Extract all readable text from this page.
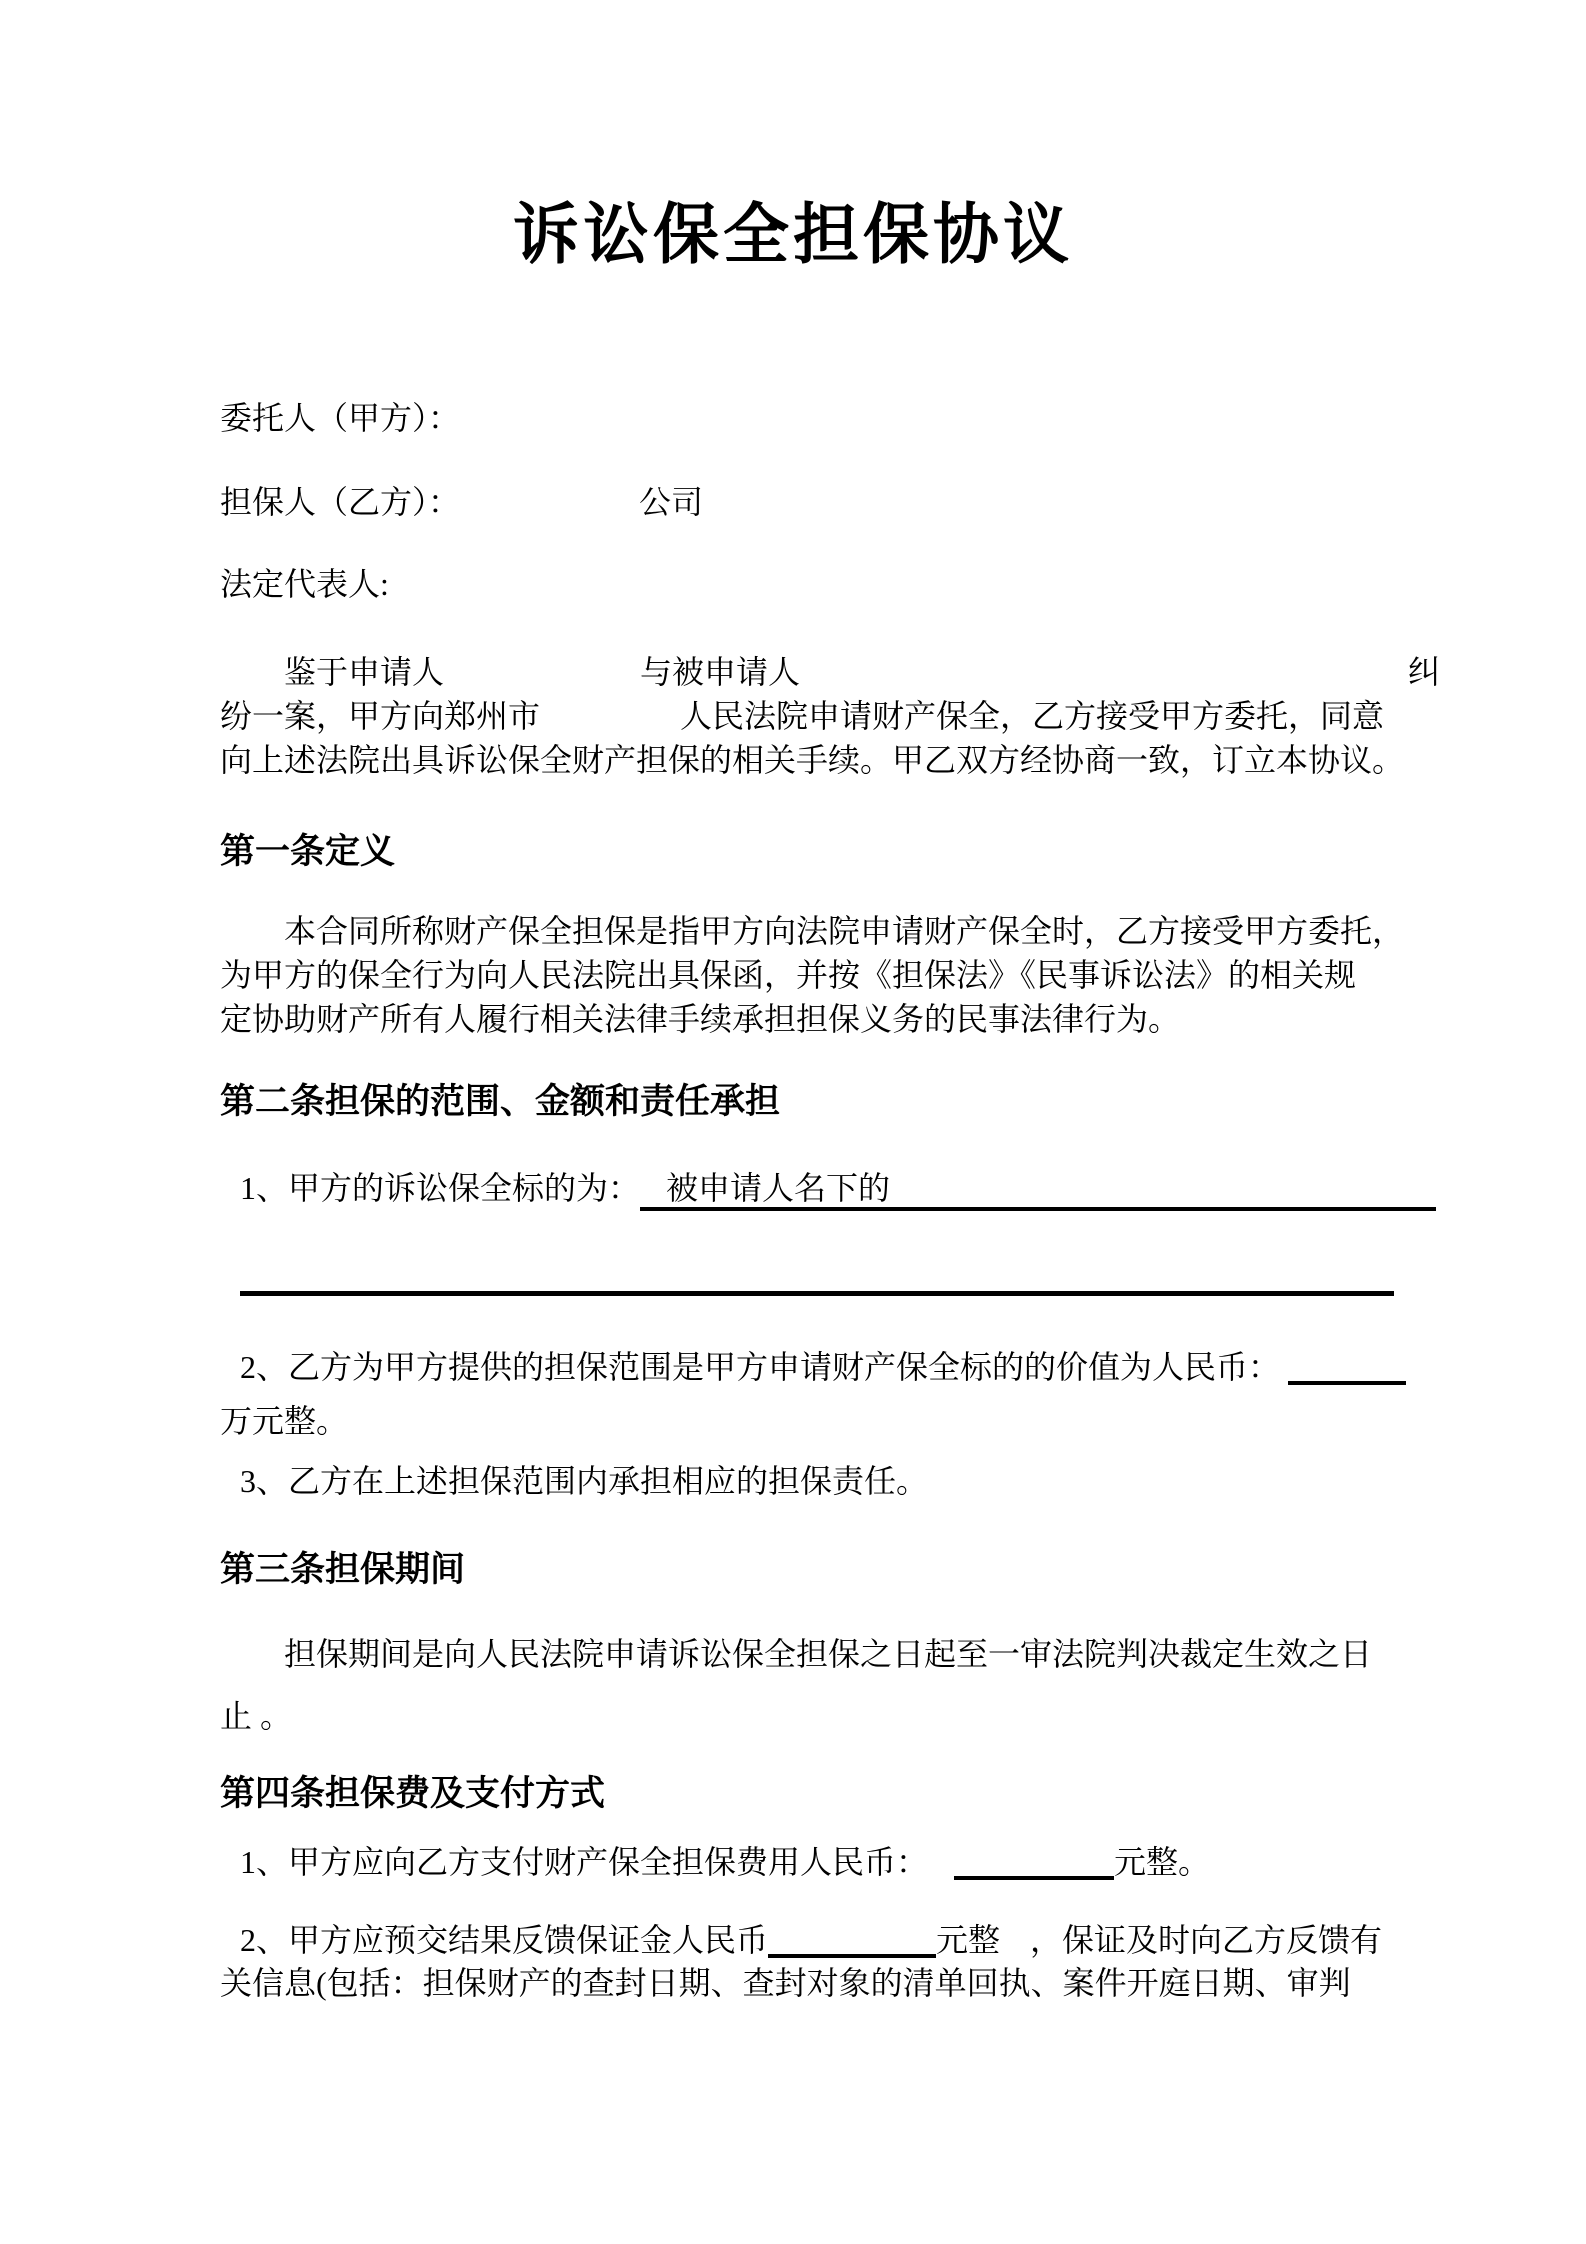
诉讼保全担保协议
委托人（甲方）：
担保人（乙方）：	公司
法定代表人:
鉴于申请人	与被申请人	纠
纷一案，甲方向郑州市	人民法院申请财产保全，乙方接受甲方委托，同意
向上述法院出具诉讼保全财产担保的相关手续。甲乙双方经协商一致，订立本协议。
第一条定义
本合同所称财产保全担保是指甲方向法院申请财产保全时，乙方接受甲方委托，
为甲方的保全行为向人民法院出具保函，并按《担保法》《民事诉讼法》的相关规
定协助财产所有人履行相关法律手续承担担保义务的民事法律行为。
第二条担保的范围、金额和责任承担
1、甲方的诉讼保全标的为： 被申请人名下的
2、乙方为甲方提供的担保范围是甲方申请财产保全标的的价值为人民币：
万元整。
3、乙方在上述担保范围内承担相应的担保责任。
第三条担保期间
担保期间是向人民法院申请诉讼保全担保之日起至一审法院判决裁定生效之日
止 。
第四条担保费及支付方式
1、甲方应向乙方支付财产保全担保费用人民币：	元整。
2、甲方应预交结果反馈保证金人民币	元整 ，保证及时向乙方反馈有
关信息(包括：担保财产的查封日期、查封对象的清单回执、案件开庭日期、审判
